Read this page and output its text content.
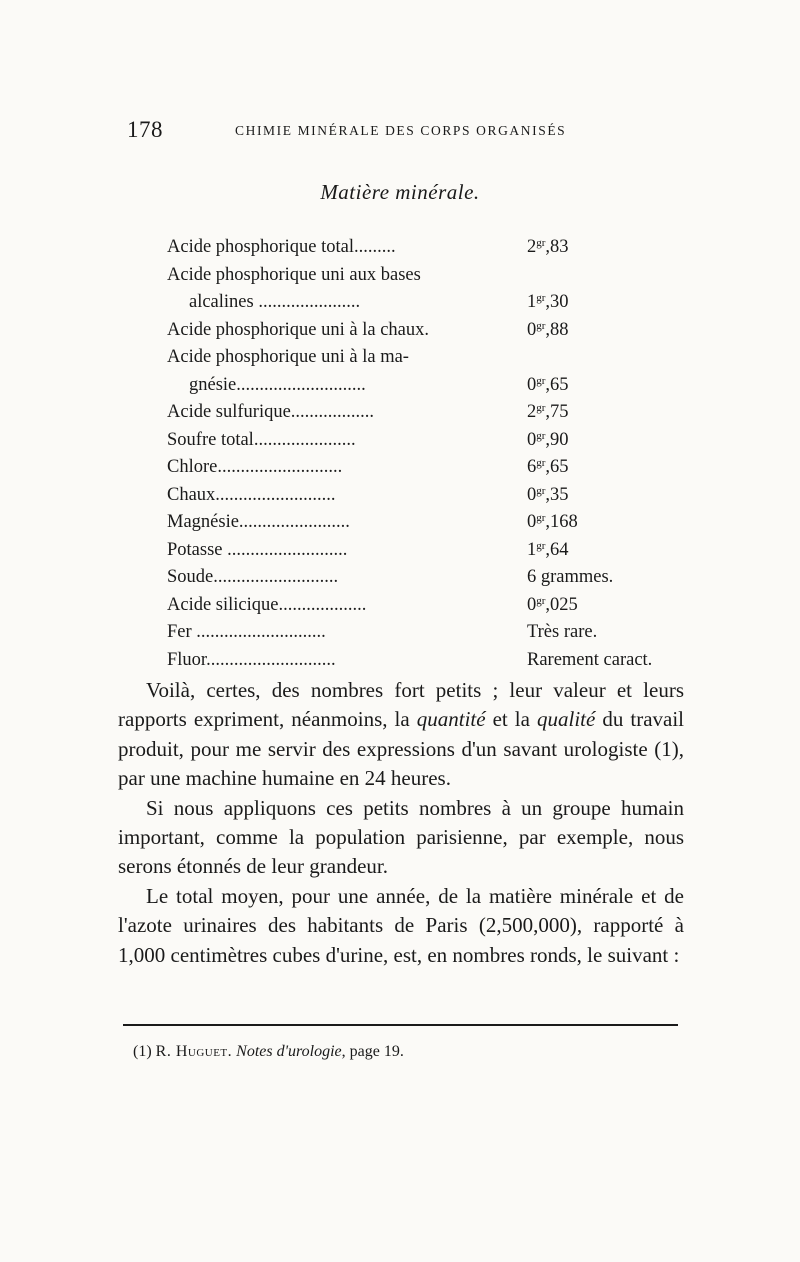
178	CHIMIE MINÉRALE DES CORPS ORGANISÉS
Matière minérale.
Acide phosphorique total.........	$2^{gr},83$
Acide phosphorique uni aux bases
alcalines ......................	$1^{gr},30$
Acide phosphorique uni à la chaux.	$0^{gr},88$
Acide phosphorique uni à la ma-
gnésie............................	$0^{gr},65$
Acide sulfurique..................	$2^{gr},75$
Soufre total......................	$0^{gr},90$
Chlore...........................	$6^{gr},65$
Chaux..........................	$0^{gr},35$
Magnésie........................	$0^{gr},168$
Potasse ..........................	$1^{gr},64$
Soude...........................	6 grammes.
Acide silicique...................	$0^{gr},025$
Fer ............................	Très rare.
Fluor............................	Rarement caract.

Voilà, certes, des nombres fort petits ; leur valeur et leurs rapports expriment, néanmoins, la quantité et la qualité du travail produit, pour me servir des expressions d'un savant urologiste (1), par une machine humaine en 24 heures.

Si nous appliquons ces petits nombres à un groupe humain important, comme la population parisienne, par exemple, nous serons étonnés de leur grandeur.

Le total moyen, pour une année, de la matière minérale et de l'azote urinaires des habitants de Paris (2,500,000), rapporté à 1,000 centimètres cubes d'urine, est, en nombres ronds, le suivant :

(1) R. Huguet. Notes d'urologie, page 19.
